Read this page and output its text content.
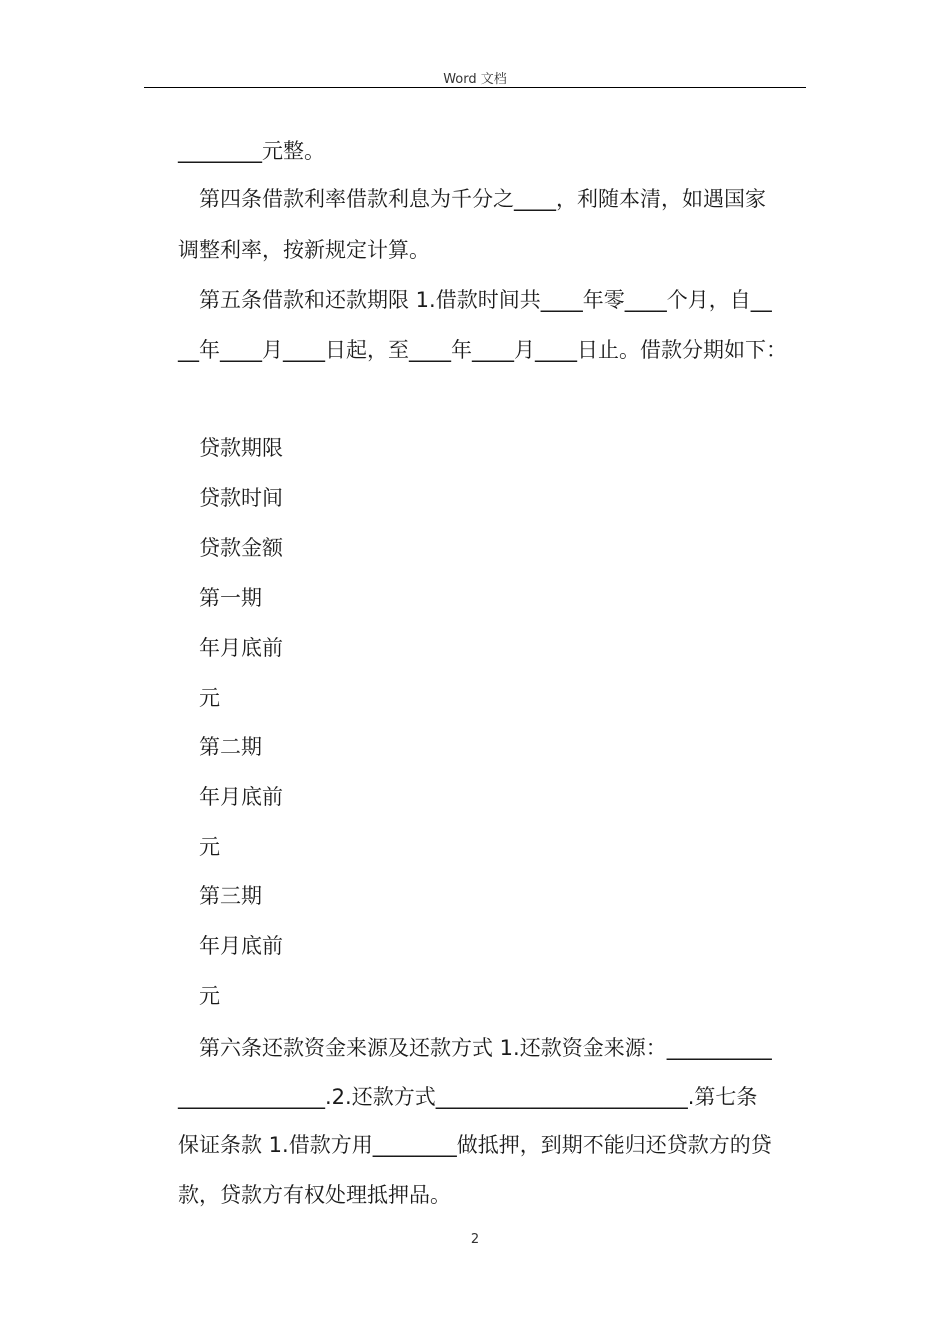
Word 文档
________元整。
第四条借款利率借款利息为千分之____，利随本清，如遇国家
调整利率，按新规定计算。
第五条借款和还款期限 1.借款时间共____年零____个月，自__
__年____月____日起，至____年____月____日止。借款分期如下：
贷款期限
贷款时间
贷款金额
第一期
年月底前
元
第二期
年月底前
元
第三期
年月底前
元
第六条还款资金来源及还款方式 1.还款资金来源：__________
______________.2.还款方式________________________.第七条
保证条款 1.借款方用________做抵押，到期不能归还贷款方的贷
款，贷款方有权处理抵押品。
2
